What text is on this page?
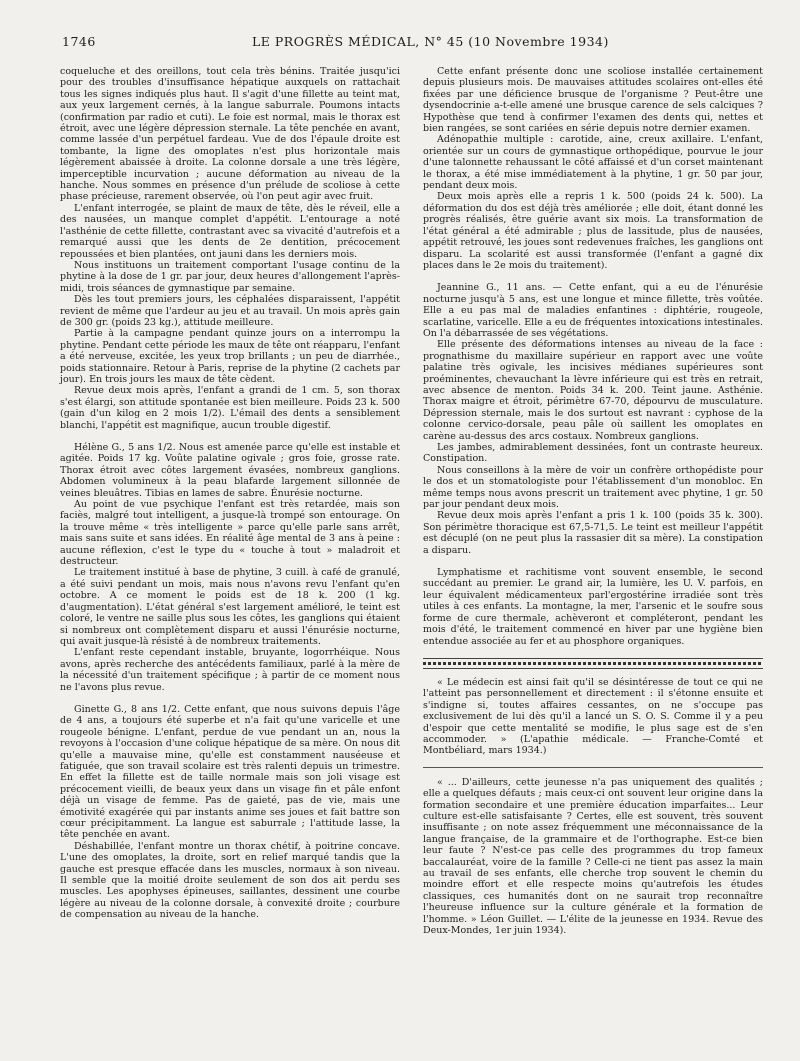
1746	LE PROGRÈS MÉDICAL, N° 45 (10 Novembre 1934)

coqueluche et des oreillons, tout cela très bénins. Traitée jusqu'ici pour des troubles d'insuffisance hépatique auxquels on rattachait tous les signes indiqués plus haut. Il s'agit d'une fillette au teint mat, aux yeux largement cernés, à la langue saburrale. Poumons intacts (confirmation par radio et cuti). Le foie est normal, mais le thorax est étroit, avec une légère dépression sternale. La tête penchée en avant, comme lassée d'un perpétuel fardeau. Vue de dos l'épaule droite est tombante, la ligne des omoplates n'est plus horizontale mais légèrement abaissée à droite. La colonne dorsale a une très légère, imperceptible incurvation ; aucune déformation au niveau de la hanche. Nous sommes en présence d'un prélude de scoliose à cette phase précieuse, rarement observée, où l'on peut agir avec fruit.

L'enfant interrogée, se plaint de maux de tête, dès le réveil, elle a des nausées, un manque complet d'appétit. L'entourage a noté l'asthénie de cette fillette, contrastant avec sa vivacité d'autrefois et a remarqué aussi que les dents de 2e dentition, précocement repoussées et bien plantées, ont jauni dans les derniers mois.

Nous instituons un traitement comportant l'usage continu de la phytine à la dose de 1 gr. par jour, deux heures d'allongement l'après-midi, trois séances de gymnastique par semaine.

Dès les tout premiers jours, les céphalées disparaissent, l'appétit revient de même que l'ardeur au jeu et au travail. Un mois après gain de 300 gr. (poids 23 kg.), attitude meilleure.

Partie à la campagne pendant quinze jours on a interrompu la phytine. Pendant cette période les maux de tête ont réapparu, l'enfant a été nerveuse, excitée, les yeux trop brillants ; un peu de diarrhée., poids stationnaire. Retour à Paris, reprise de la phytine (2 cachets par jour). En trois jours les maux de tête cèdent.

Revue deux mois après, l'enfant a grandi de 1 cm. 5, son thorax s'est élargi, son attitude spontanée est bien meilleure. Poids 23 k. 500 (gain d'un kilog en 2 mois 1/2). L'émail des dents a sensiblement blanchi, l'appétit est magnifique, aucun trouble digestif.

Hélène G., 5 ans 1/2. Nous est amenée parce qu'elle est instable et agitée. Poids 17 kg. Voûte palatine ogivale ; gros foie, grosse rate. Thorax étroit avec côtes largement évasées, nombreux ganglions. Abdomen volumineux à la peau blafarde largement sillonnée de veines bleuâtres. Tibias en lames de sabre. Énurésie nocturne.

Au point de vue psychique l'enfant est très retardée, mais son faciès, malgré tout intelligent, a jusque-là trompé son entourage. On la trouve même « très intelligente » parce qu'elle parle sans arrêt, mais sans suite et sans idées. En réalité âge mental de 3 ans à peine : aucune réflexion, c'est le type du « touche à tout » maladroit et destructeur.

Le traitement institué à base de phytine, 3 cuill. à café de granulé, a été suivi pendant un mois, mais nous n'avons revu l'enfant qu'en octobre. A ce moment le poids est de 18 k. 200 (1 kg. d'augmentation). L'état général s'est largement amélioré, le teint est coloré, le ventre ne saille plus sous les côtes, les ganglions qui étaient si nombreux ont complètement disparu et aussi l'énurésie nocturne, qui avait jusque-là résisté à de nombreux traitements.

L'enfant reste cependant instable, bruyante, logorrhéique. Nous avons, après recherche des antécédents familiaux, parlé à la mère de la nécessité d'un traitement spécifique ; à partir de ce moment nous ne l'avons plus revue.

Ginette G., 8 ans 1/2. Cette enfant, que nous suivons depuis l'âge de 4 ans, a toujours été superbe et n'a fait qu'une varicelle et une rougeole bénigne. L'enfant, perdue de vue pendant un an, nous la revoyons à l'occasion d'une colique hépatique de sa mère. On nous dit qu'elle a mauvaise mine, qu'elle est constamment nauséeuse et fatiguée, que son travail scolaire est très ralenti depuis un trimestre. En effet la fillette est de taille normale mais son joli visage est précocement vieilli, de beaux yeux dans un visage fin et pâle enfont déjà un visage de femme. Pas de gaieté, pas de vie, mais une émotivité exagérée qui par instants anime ses joues et fait battre son cœur précipitamment. La langue est saburrale ; l'attitude lasse, la tête penchée en avant.

Déshabillée, l'enfant montre un thorax chétif, à poitrine concave. L'une des omoplates, la droite, sort en relief marqué tandis que la gauche est presque effacée dans les muscles, normaux à son niveau. Il semble que la moitié droite seulement de son dos ait perdu ses muscles. Les apophyses épineuses, saillantes, dessinent une courbe légère au niveau de la colonne dorsale, à convexité droite ; courbure de compensation au niveau de la hanche.

Cette enfant présente donc une scoliose installée certainement depuis plusieurs mois. De mauvaises attitudes scolaires ont-elles été fixées par une déficience brusque de l'organisme ? Peut-être une dysendocrinie a-t-elle amené une brusque carence de sels calciques ? Hypothèse que tend à confirmer l'examen des dents qui, nettes et bien rangées, se sont cariées en série depuis notre dernier examen.

Adénopathie multiple : carotide, aine, creux axillaire. L'enfant, orientée sur un cours de gymnastique orthopédique, pourvue le jour d'une talonnette rehaussant le côté affaissé et d'un corset maintenant le thorax, a été mise immédiatement à la phytine, 1 gr. 50 par jour, pendant deux mois.

Deux mois après elle a repris 1 k. 500 (poids 24 k. 500). La déformation du dos est déjà très améliorée ; elle doit, étant donné les progrès réalisés, être guérie avant six mois. La transformation de l'état général a été admirable ; plus de lassitude, plus de nausées, appétit retrouvé, les joues sont redevenues fraîches, les ganglions ont disparu. La scolarité est aussi transformée (l'enfant a gagné dix places dans le 2e mois du traitement).

Jeannine G., 11 ans. — Cette enfant, qui a eu de l'énurésie nocturne jusqu'à 5 ans, est une longue et mince fillette, très voûtée. Elle a eu pas mal de maladies enfantines : diphtérie, rougeole, scarlatine, varicelle. Elle a eu de fréquentes intoxications intestinales. On l'a débarrassée de ses végétations.

Elle présente des déformations intenses au niveau de la face : prognathisme du maxillaire supérieur en rapport avec une voûte palatine très ogivale, les incisives médianes supérieures sont proéminentes, chevauchant la lèvre inférieure qui est très en retrait, avec absence de menton. Poids 34 k. 200. Teint jaune. Asthénie. Thorax maigre et étroit, périmètre 67-70, dépourvu de musculature. Dépression sternale, mais le dos surtout est navrant : cyphose de la colonne cervico-dorsale, peau pâle où saillent les omoplates en carène au-dessus des arcs costaux. Nombreux ganglions.

Les jambes, admirablement dessinées, font un contraste heureux. Constipation.

Nous conseillons à la mère de voir un confrère orthopédiste pour le dos et un stomatologiste pour l'établissement d'un monobloc. En même temps nous avons prescrit un traitement avec phytine, 1 gr. 50 par jour pendant deux mois.

Revue deux mois après l'enfant a pris 1 k. 100 (poids 35 k. 300). Son périmètre thoracique est 67,5-71,5. Le teint est meilleur l'appétit est décuplé (on ne peut plus la rassasier dit sa mère). La constipation a disparu.

Lymphatisme et rachitisme vont souvent ensemble, le second succédant au premier. Le grand air, la lumière, les U. V. parfois, en leur équivalent médicamenteux parl'ergostérine irradiée sont très utiles à ces enfants. La montagne, la mer, l'arsenic et le soufre sous forme de cure thermale, achèveront et compléteront, pendant les mois d'été, le traitement commencé en hiver par une hygiène bien entendue associée au fer et au phosphore organiques.

« Le médecin est ainsi fait qu'il se désintéresse de tout ce qui ne l'atteint pas personnellement et directement : il s'étonne ensuite et s'indigne si, toutes affaires cessantes, on ne s'occupe pas exclusivement de lui dès qu'il a lancé un S. O. S. Comme il y a peu d'espoir que cette mentalité se modifie, le plus sage est de s'en accommoder. » (L'apathie médicale. — Franche-Comté et Montbéliard, mars 1934.)

« ... D'ailleurs, cette jeunesse n'a pas uniquement des qualités ; elle a quelques défauts ; mais ceux-ci ont souvent leur origine dans la formation secondaire et une première éducation imparfaites... Leur culture est-elle satisfaisante ? Certes, elle est souvent, très souvent insuffisante ; on note assez fréquemment une méconnaissance de la langue française, de la grammaire et de l'orthographe. Est-ce bien leur faute ? N'est-ce pas celle des programmes du trop fameux baccalauréat, voire de la famille ? Celle-ci ne tient pas assez la main au travail de ses enfants, elle cherche trop souvent le chemin du moindre effort et elle respecte moins qu'autrefois les études classiques, ces humanités dont on ne saurait trop reconnaître l'heureuse influence sur la culture générale et la formation de l'homme. » Léon Guillet. — L'élite de la jeunesse en 1934. Revue des Deux-Mondes, 1er juin 1934).
